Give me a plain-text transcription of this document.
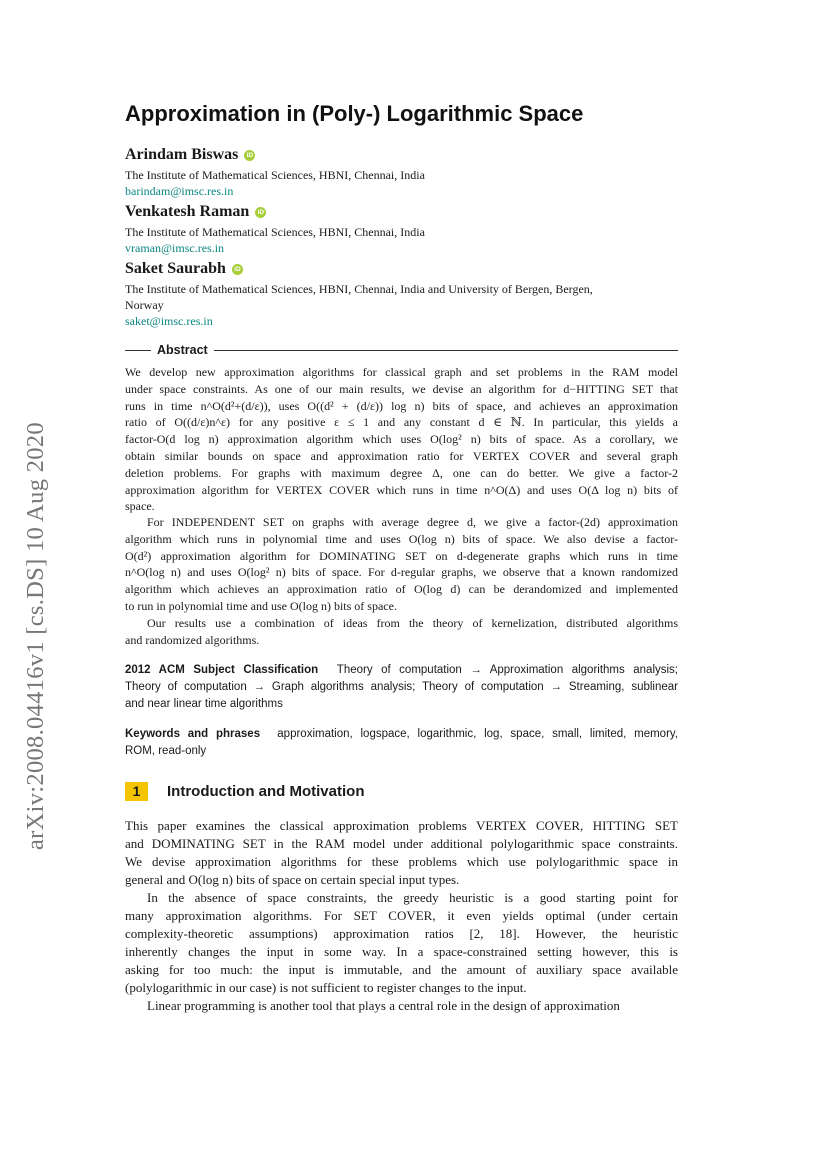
arXiv:2008.04416v1 [cs.DS] 10 Aug 2020
Approximation in (Poly-) Logarithmic Space
Arindam Biswas	iD
The Institute of Mathematical Sciences, HBNI, Chennai, India
barindam@imsc.res.in
Venkatesh Raman	iD
The Institute of Mathematical Sciences, HBNI, Chennai, India
vraman@imsc.res.in
Saket Saurabh	iD
The Institute of Mathematical Sciences, HBNI, Chennai, India and University of Bergen, Bergen,
Norway
saket@imsc.res.in
Abstract

We develop new approximation algorithms for classical graph and set problems in the RAM model

under space constraints. As one of our main results, we devise an algorithm for d−HITTING SET that

runs in time n^O(d²+(d/ε)), uses O((d² + (d/ε)) log n) bits of space, and achieves an approximation

ratio of O((d/ε)n^ε) for any positive ε ≤ 1 and any constant d ∈ ℕ. In particular, this yields a

factor-O(d log n) approximation algorithm which uses O(log² n) bits of space. As a corollary, we

obtain similar bounds on space and approximation ratio for VERTEX COVER and several graph

deletion problems. For graphs with maximum degree Δ, one can do better. We give a factor-2

approximation algorithm for VERTEX COVER which runs in time n^O(Δ) and uses O(Δ log n) bits of

space.

For INDEPENDENT SET on graphs with average degree d, we give a factor-(2d) approximation

algorithm which runs in polynomial time and uses O(log n) bits of space. We also devise a factor-

O(d²) approximation algorithm for DOMINATING SET on d-degenerate graphs which runs in time

n^O(log n) and uses O(log² n) bits of space. For d-regular graphs, we observe that a known randomized

algorithm which achieves an approximation ratio of O(log d) can be derandomized and implemented

to run in polynomial time and use O(log n) bits of space.

Our results use a combination of ideas from the theory of kernelization, distributed algorithms

and randomized algorithms.

2012 ACM Subject Classification Theory of computation → Approximation algorithms analysis;

Theory of computation → Graph algorithms analysis; Theory of computation → Streaming, sublinear

and near linear time algorithms

Keywords and phrases approximation, logspace, logarithmic, log, space, small, limited, memory,

ROM, read-only

1	Introduction and Motivation

This paper examines the classical approximation problems VERTEX COVER, HITTING SET

and DOMINATING SET in the RAM model under additional polylogarithmic space constraints.

We devise approximation algorithms for these problems which use polylogarithmic space in

general and O(log n) bits of space on certain special input types.

In the absence of space constraints, the greedy heuristic is a good starting point for

many approximation algorithms. For SET COVER, it even yields optimal (under certain

complexity-theoretic assumptions) approximation ratios [2, 18]. However, the heuristic

inherently changes the input in some way. In a space-constrained setting however, this is

asking for too much: the input is immutable, and the amount of auxiliary space available

(polylogarithmic in our case) is not sufficient to register changes to the input.

Linear programming is another tool that plays a central role in the design of approximation
